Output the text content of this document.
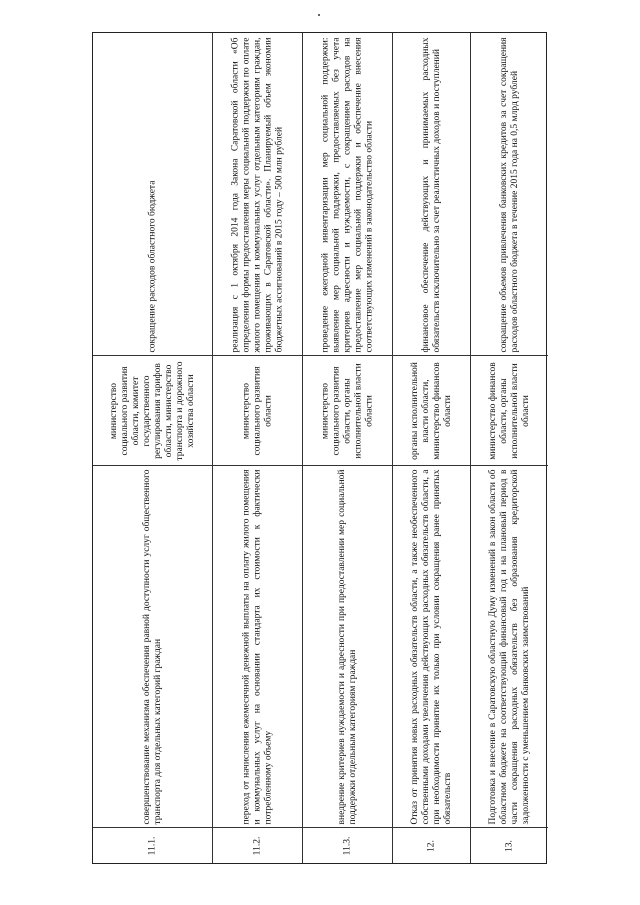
11.1.
совершенствование механизма обеспечения равной доступности услуг общественного транспорта для отдельных категорий граждан
министерство социального развития области, комитет государственного регулирования тарифов области, министерство транспорта и дорожного хозяйства области
сокращение расходов областного бюджета
11.2.
переход от начисления ежемесячной денежной выплаты на оплату жилого помещения и коммунальных услуг на основании стандарта их стоимости к фактически потребленному объему
министерство социального развития области
реализация с 1 октября 2014 года Закона Саратовской области «Об определении формы предоставления меры социальной поддержки по оплате жилого помещения и коммунальных услуг отдельным категориям граждан, проживающих в Саратовской области». Планируемый объем экономии бюджетных ассигнований в 2015 году – 500 млн рублей
11.3.
внедрение критериев нуждаемости и адресности при предоставлении мер социальной поддержки отдельным категориям граждан
министерство социального развития области, органы исполнительной власти области
проведение ежегодной инвентаризации мер социальной поддержки: выявление мер социальной поддержки, предоставляемых без учета критериев адресности и нуждаемости, с сокращением расходов на предоставление мер социальной поддержки и обеспечение внесения соответствующих изменений в законодательство области
12.
Отказ от принятия новых расходных обязательств области, а также необеспеченного собственными доходами увеличения действующих расходных обязательств области, а при необходимости принятие их только при условии сокращения ранее принятых обязательств
органы исполнительной власти области, министерство финансов области
финансовое обеспечение действующих и принимаемых расходных обязательств исключительно за счет реалистичных доходов и поступлений
13.
Подготовка и внесение в Саратовскую областную Думу изменений в закон области об областном бюджете на соответствующий финансовый год и на плановый период в части сокращения расходных обязательств без образования кредиторской задолженности с уменьшением банковских заимствований
министерство финансов области, органы исполнительной власти области
сокращение объемов привлечения банковских кредитов за счет сокращения расходов областного бюджета в течение 2015 года на 0,5 млрд рублей
